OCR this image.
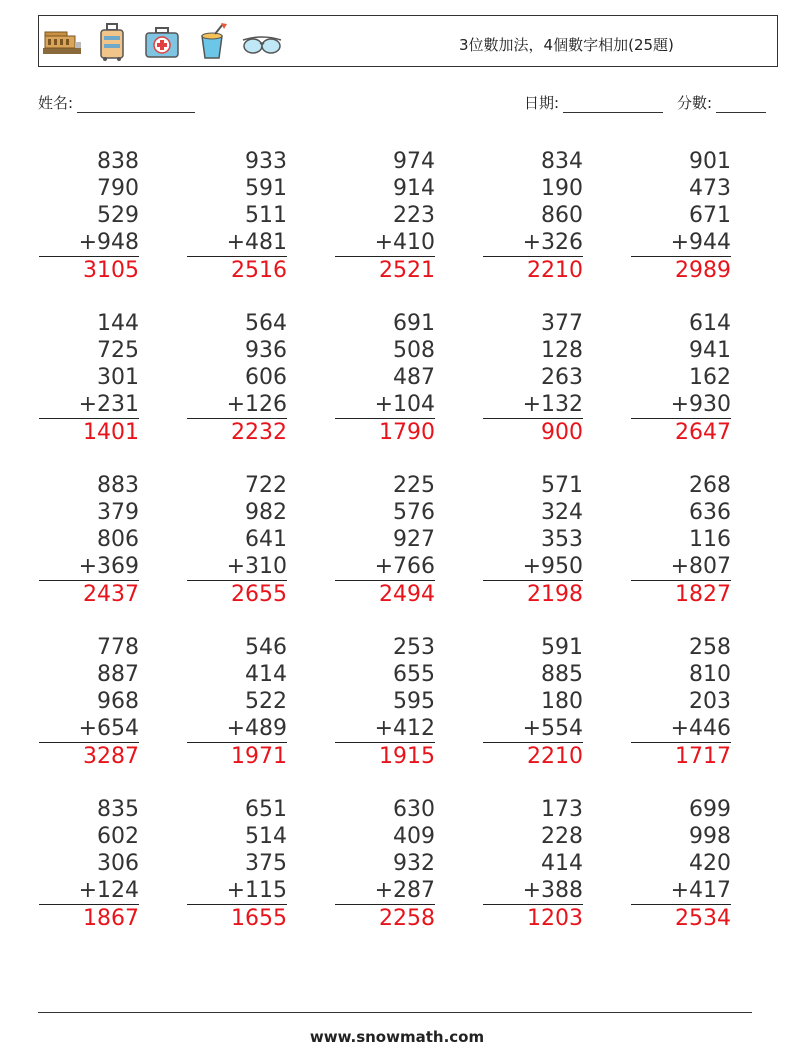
3位數加法，4個數字相加(25題)
姓名:	日期:	分數:
838
790
529
+948
3105
933
591
511
+481
2516
974
914
223
+410
2521
834
190
860
+326
2210
901
473
671
+944
2989
144
725
301
+231
1401
564
936
606
+126
2232
691
508
487
+104
1790
377
128
263
+132
900
614
941
162
+930
2647
883
379
806
+369
2437
722
982
641
+310
2655
225
576
927
+766
2494
571
324
353
+950
2198
268
636
116
+807
1827
778
887
968
+654
3287
546
414
522
+489
1971
253
655
595
+412
1915
591
885
180
+554
2210
258
810
203
+446
1717
835
602
306
+124
1867
651
514
375
+115
1655
630
409
932
+287
2258
173
228
414
+388
1203
699
998
420
+417
2534
www.snowmath.com
